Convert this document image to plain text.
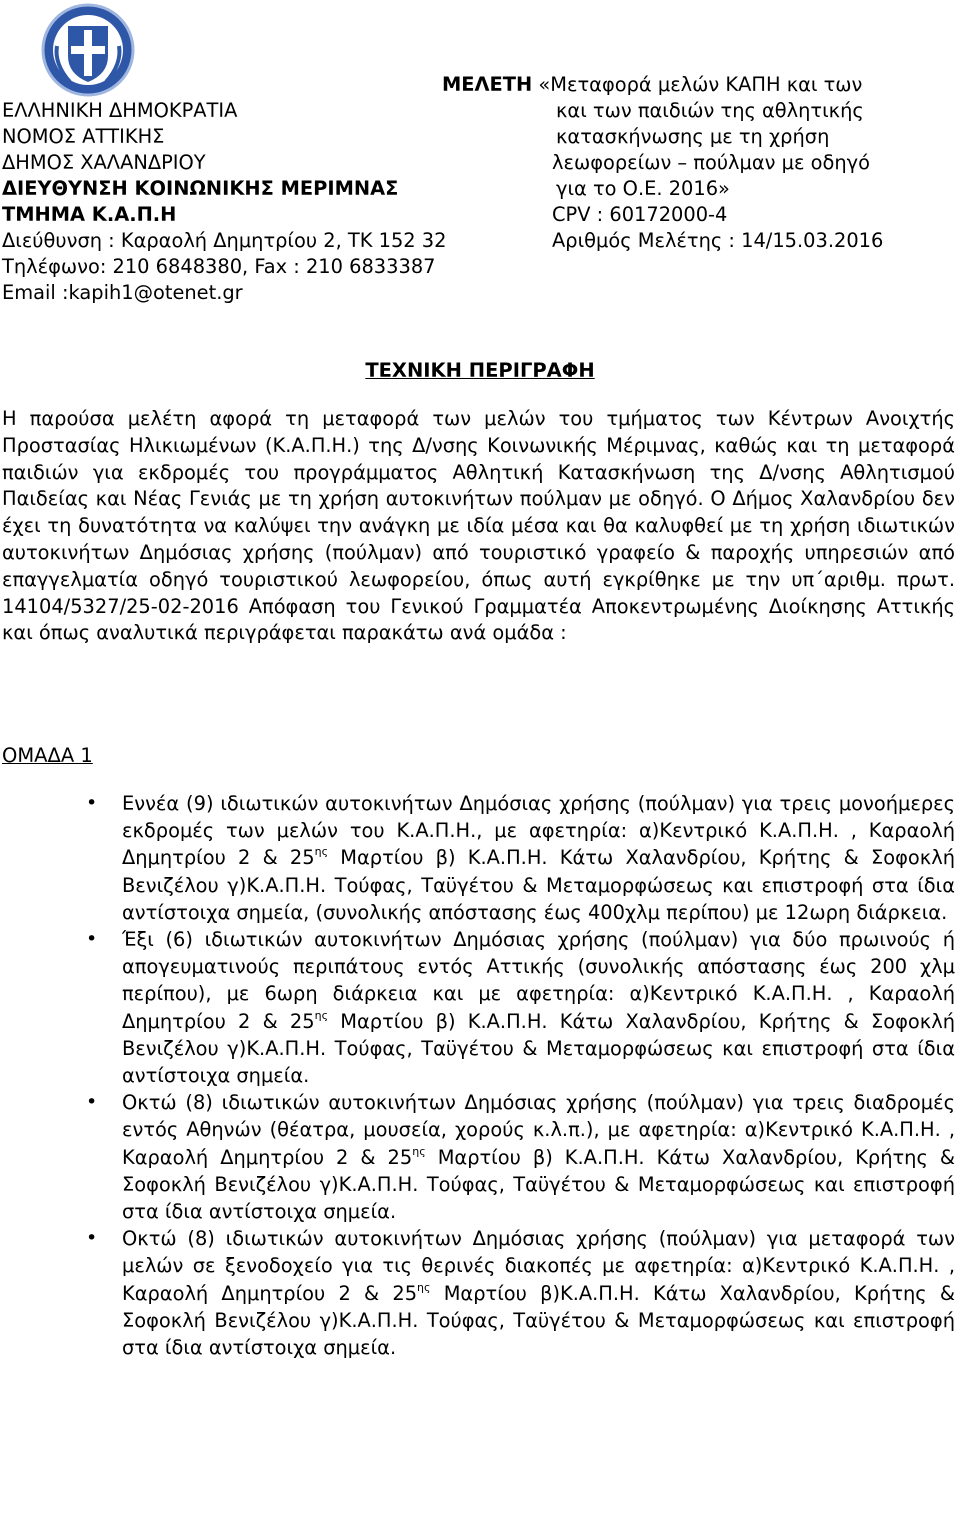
ΕΛΛΗΝΙΚΗ ΔΗΜΟΚΡΑΤΙΑ
ΝΟΜΟΣ ΑΤΤΙΚΗΣ
ΔΗΜΟΣ ΧΑΛΑΝΔΡΙΟΥ
ΔΙΕΥΘΥΝΣΗ ΚΟΙΝΩΝΙΚΗΣ ΜΕΡΙΜΝΑΣ
ΤΜΗΜΑ Κ.Α.Π.Η
Διεύθυνση : Καραολή Δημητρίου 2, ΤΚ 152 32
Τηλέφωνο: 210 6848380, Fax : 210 6833387
Email :kapih1@otenet.gr
ΜΕΛΕΤΗ «Μεταφορά μελών ΚΑΠΗ και των
και των παιδιών της αθλητικής
κατασκήνωσης με τη χρήση
λεωφορείων – πούλμαν με οδηγό
για το Ο.Ε. 2016»
CPV : 60172000-4
Αριθμός Μελέτης : 14/15.03.2016
ΤΕΧΝΙΚΗ ΠΕΡΙΓΡΑΦΗ
Η παρούσα μελέτη αφορά τη μεταφορά των μελών του τμήματος των Κέντρων Ανοιχτής Προστασίας Ηλικιωμένων (Κ.Α.Π.Η.) της Δ/νσης Κοινωνικής Μέριμνας, καθώς και τη μεταφορά παιδιών για εκδρομές του προγράμματος Αθλητική Κατασκήνωση της Δ/νσης Αθλητισμού Παιδείας και Νέας Γενιάς με τη χρήση αυτοκινήτων πούλμαν με οδηγό. Ο Δήμος Χαλανδρίου δεν έχει τη δυνατότητα να καλύψει την ανάγκη με ιδία μέσα και θα καλυφθεί με τη χρήση ιδιωτικών αυτοκινήτων Δημόσιας χρήσης (πούλμαν) από τουριστικό γραφείο & παροχής υπηρεσιών από επαγγελματία οδηγό τουριστικού λεωφορείου, όπως αυτή εγκρίθηκε με την υπ΄αριθμ. πρωτ. 14104/5327/25-02-2016 Απόφαση του Γενικού Γραμματέα Αποκεντρωμένης Διοίκησης Αττικής και όπως αναλυτικά περιγράφεται παρακάτω ανά ομάδα :
ΟΜΑΔΑ 1
• Εννέα (9) ιδιωτικών αυτοκινήτων Δημόσιας χρήσης (πούλμαν) για τρεις μονοήμερες εκδρομές των μελών του Κ.Α.Π.Η., με αφετηρία: α)Κεντρικό Κ.Α.Π.Η. , Καραολή Δημητρίου 2 & $25^{\eta\varsigma}$ Μαρτίου β) Κ.Α.Π.Η. Κάτω Χαλανδρίου, Κρήτης & Σοφοκλή Βενιζέλου γ)Κ.Α.Π.Η. Τούφας, Ταϋγέτου & Μεταμορφώσεως και επιστροφή στα ίδια αντίστοιχα σημεία, (συνολικής απόστασης έως 400χλμ περίπου) με 12ωρη διάρκεια.
• Έξι (6) ιδιωτικών αυτοκινήτων Δημόσιας χρήσης (πούλμαν) για δύο πρωινούς ή απογευματινούς περιπάτους εντός Αττικής (συνολικής απόστασης έως 200 χλμ περίπου), με 6ωρη διάρκεια και με αφετηρία: α)Κεντρικό Κ.Α.Π.Η. , Καραολή Δημητρίου 2 & $25^{\eta\varsigma}$ Μαρτίου β) Κ.Α.Π.Η. Κάτω Χαλανδρίου, Κρήτης & Σοφοκλή Βενιζέλου γ)Κ.Α.Π.Η. Τούφας, Ταϋγέτου & Μεταμορφώσεως και επιστροφή στα ίδια αντίστοιχα σημεία.
• Οκτώ (8) ιδιωτικών αυτοκινήτων Δημόσιας χρήσης (πούλμαν) για τρεις διαδρομές εντός Αθηνών (θέατρα, μουσεία, χορούς κ.λ.π.), με αφετηρία: α)Κεντρικό Κ.Α.Π.Η. , Καραολή Δημητρίου 2 & $25^{\eta\varsigma}$ Μαρτίου β) Κ.Α.Π.Η. Κάτω Χαλανδρίου, Κρήτης & Σοφοκλή Βενιζέλου γ)Κ.Α.Π.Η. Τούφας, Ταϋγέτου & Μεταμορφώσεως και επιστροφή στα ίδια αντίστοιχα σημεία.
• Οκτώ (8) ιδιωτικών αυτοκινήτων Δημόσιας χρήσης (πούλμαν) για μεταφορά των μελών σε ξενοδοχείο για τις θερινές διακοπές με αφετηρία: α)Κεντρικό Κ.Α.Π.Η. , Καραολή Δημητρίου 2 & $25^{\eta\varsigma}$ Μαρτίου β)Κ.Α.Π.Η. Κάτω Χαλανδρίου, Κρήτης & Σοφοκλή Βενιζέλου γ)Κ.Α.Π.Η. Τούφας, Ταϋγέτου & Μεταμορφώσεως και επιστροφή στα ίδια αντίστοιχα σημεία.
